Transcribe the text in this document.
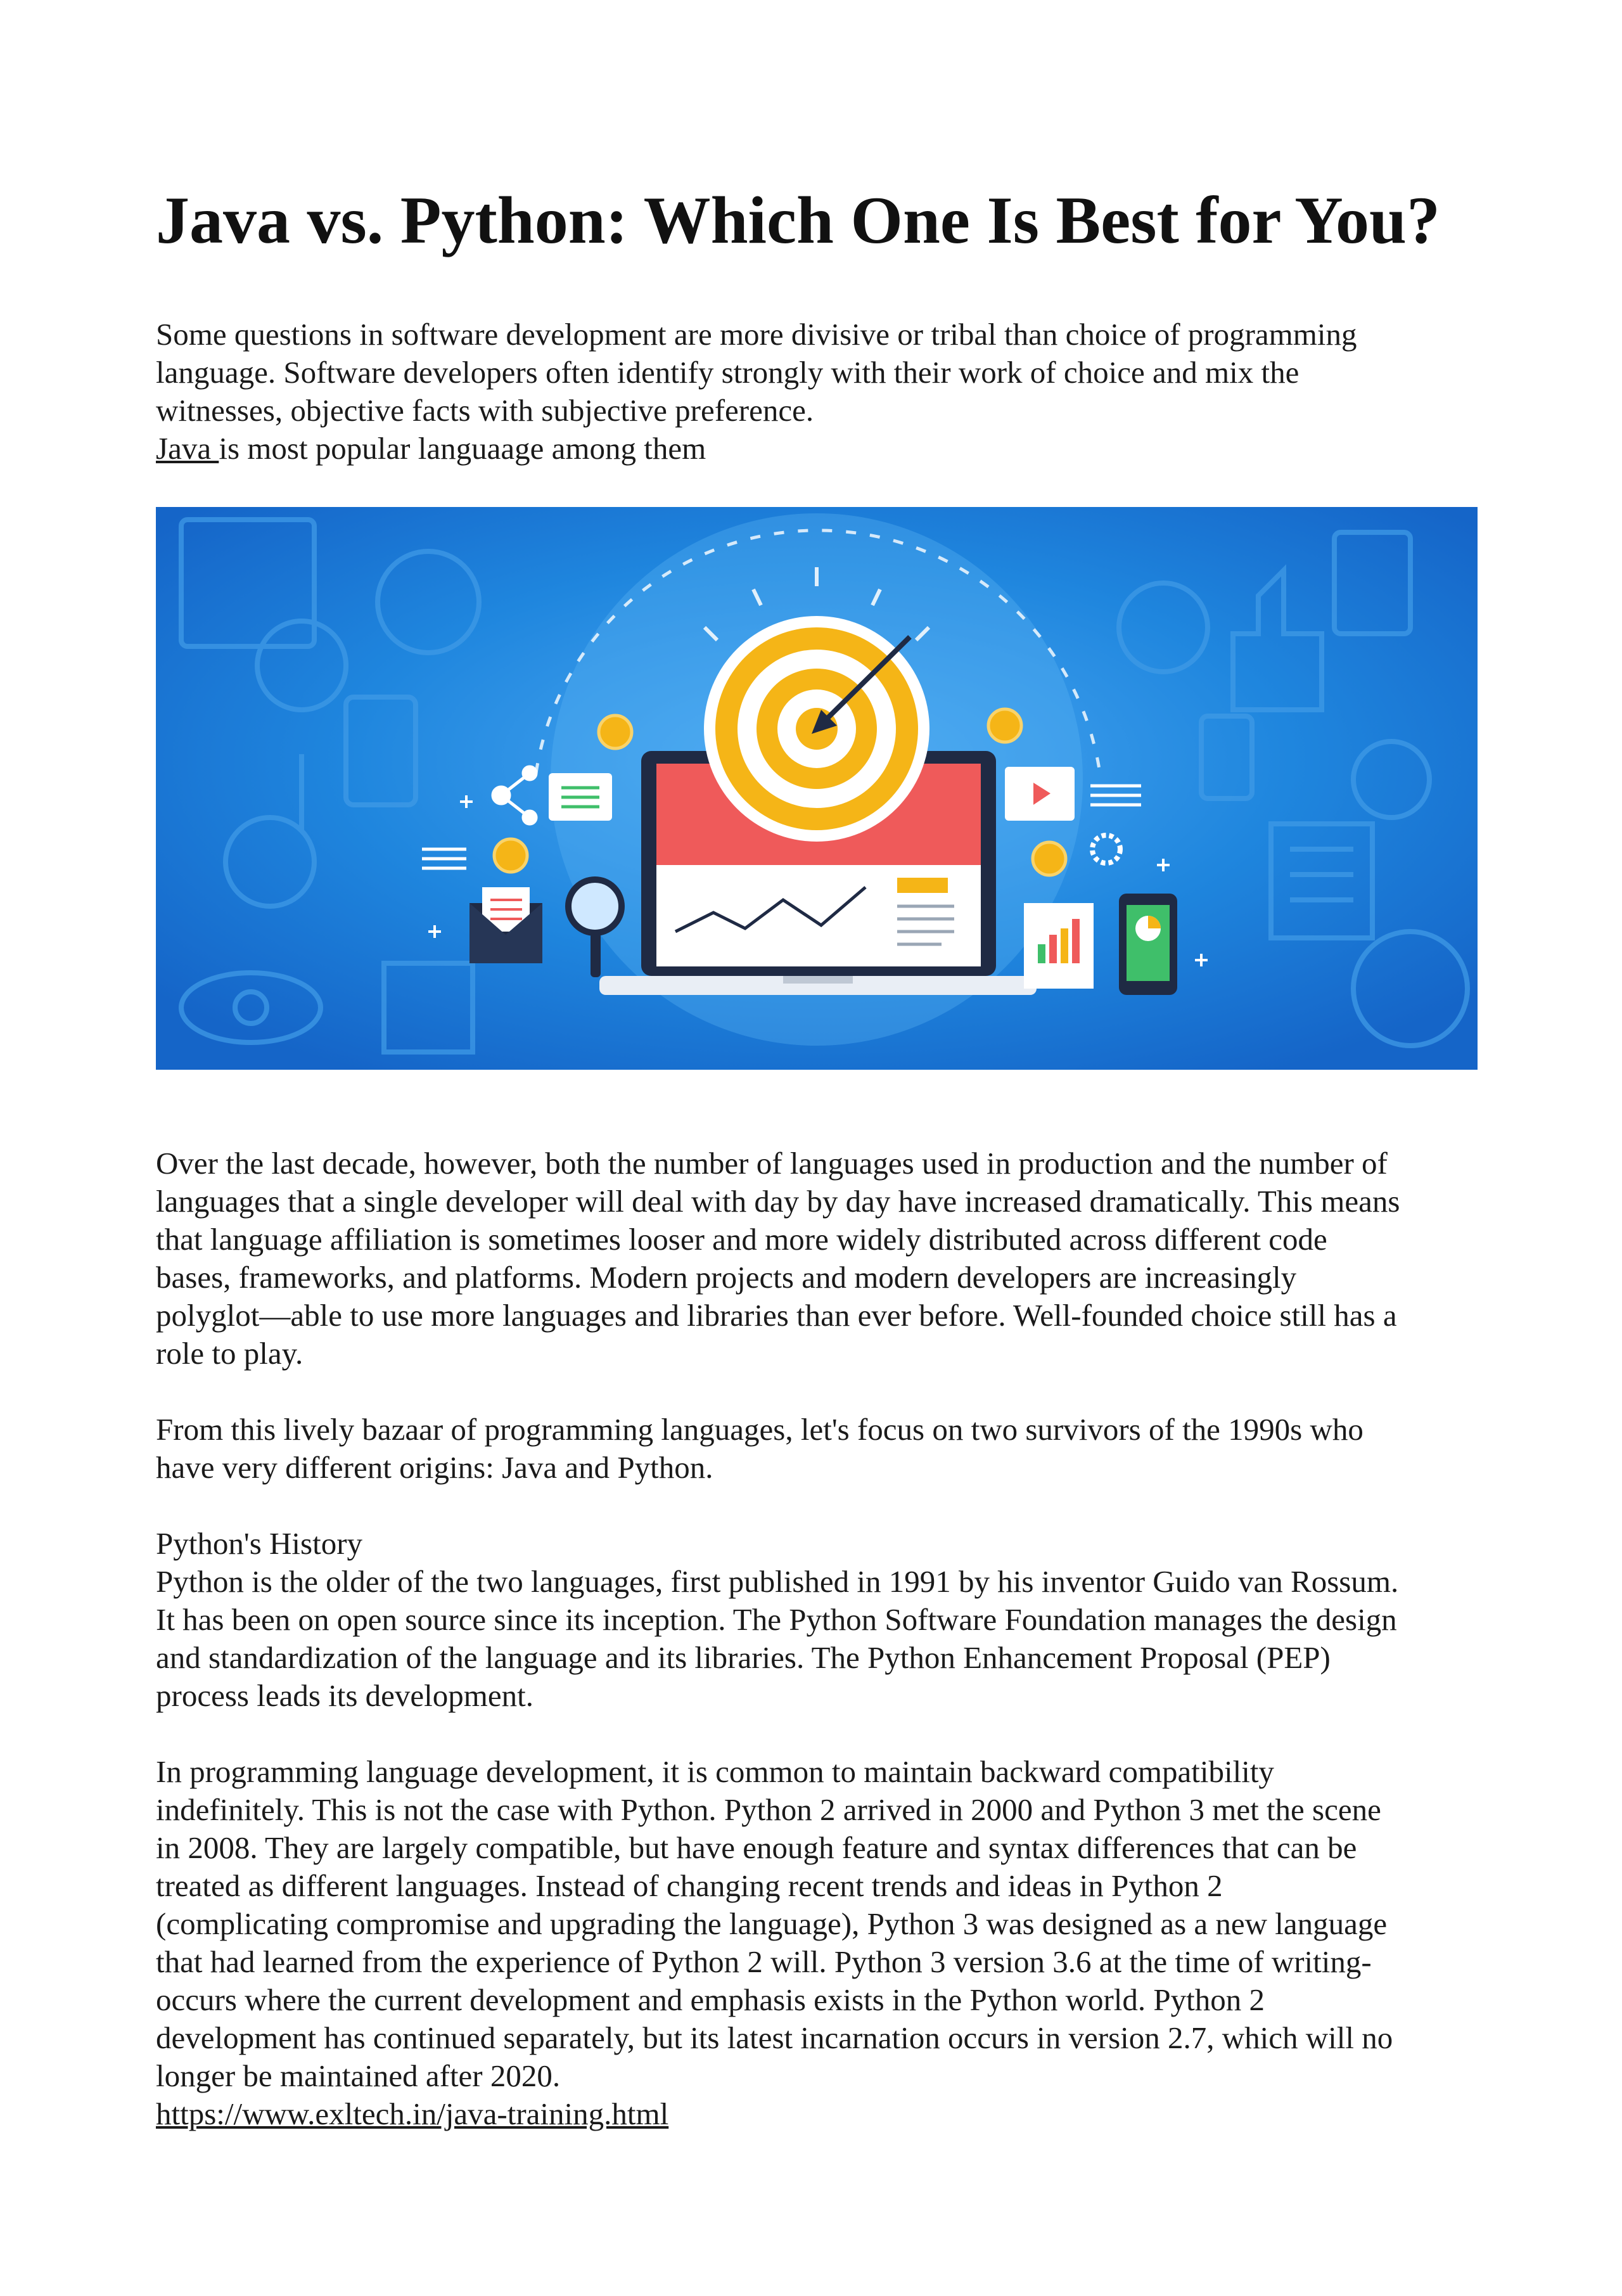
Java vs. Python: Which One Is Best for You?

Some questions in software development are more divisive or tribal than choice of programming

language. Software developers often identify strongly with their work of choice and mix the

witnesses, objective facts with subjective preference.

Java is most popular languaage among them

Over the last decade, however, both the number of languages used in production and the number of

languages that a single developer will deal with day by day have increased dramatically. This means

that language affiliation is sometimes looser and more widely distributed across different code

bases, frameworks, and platforms. Modern projects and modern developers are increasingly

polyglot—able to use more languages and libraries than ever before. Well-founded choice still has a

role to play.

From this lively bazaar of programming languages, let's focus on two survivors of the 1990s who

have very different origins: Java and Python.

Python's History

Python is the older of the two languages, first published in 1991 by his inventor Guido van Rossum.

It has been on open source since its inception. The Python Software Foundation manages the design

and standardization of the language and its libraries. The Python Enhancement Proposal (PEP)

process leads its development.

In programming language development, it is common to maintain backward compatibility

indefinitely. This is not the case with Python. Python 2 arrived in 2000 and Python 3 met the scene

in 2008. They are largely compatible, but have enough feature and syntax differences that can be

treated as different languages. Instead of changing recent trends and ideas in Python 2

(complicating compromise and upgrading the language), Python 3 was designed as a new language

that had learned from the experience of Python 2 will. Python 3 version 3.6 at the time of writing-

occurs where the current development and emphasis exists in the Python world. Python 2

development has continued separately, but its latest incarnation occurs in version 2.7, which will no

longer be maintained after 2020.

https://www.exltech.in/java-training.html
